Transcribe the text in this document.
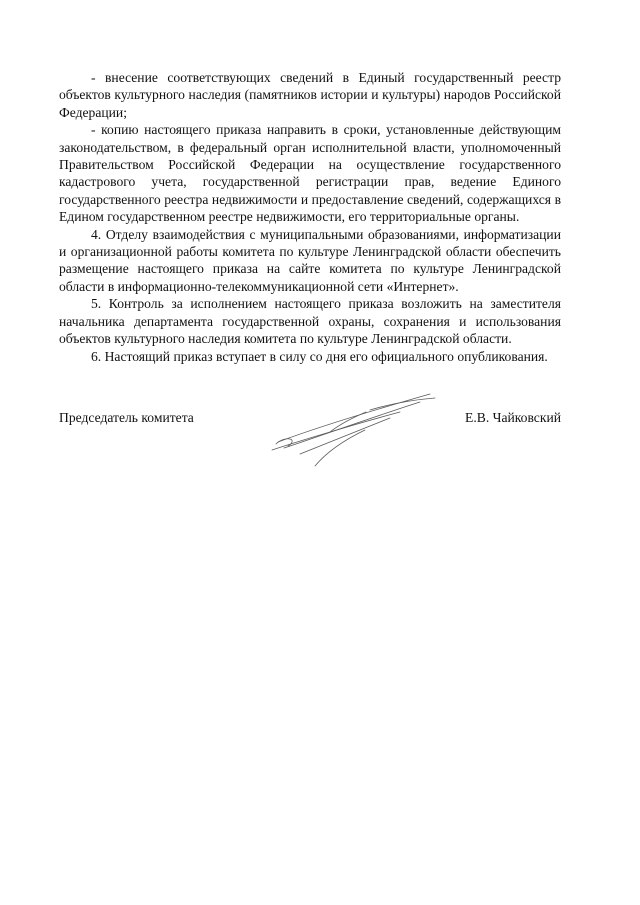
- внесение соответствующих сведений в Единый государственный реестр объектов культурного наследия (памятников истории и культуры) народов Российской Федерации;

- копию настоящего приказа направить в сроки, установленные действующим законодательством, в федеральный орган исполнительной власти, уполномоченный Правительством Российской Федерации на осуществление государственного кадастрового учета, государственной регистрации прав, ведение Единого государственного реестра недвижимости и предоставление сведений, содержащихся в Едином государственном реестре недвижимости, его территориальные органы.

4. Отделу взаимодействия с муниципальными образованиями, информатизации и организационной работы комитета по культуре Ленинградской области обеспечить размещение настоящего приказа на сайте комитета по культуре Ленинградской области в информационно-телекоммуникационной сети «Интернет».

5. Контроль за исполнением настоящего приказа возложить на заместителя начальника департамента государственной охраны, сохранения и использования объектов культурного наследия комитета по культуре Ленинградской области.

6. Настоящий приказ вступает в силу со дня его официального опубликования.

Председатель комитета	Е.В. Чайковский
